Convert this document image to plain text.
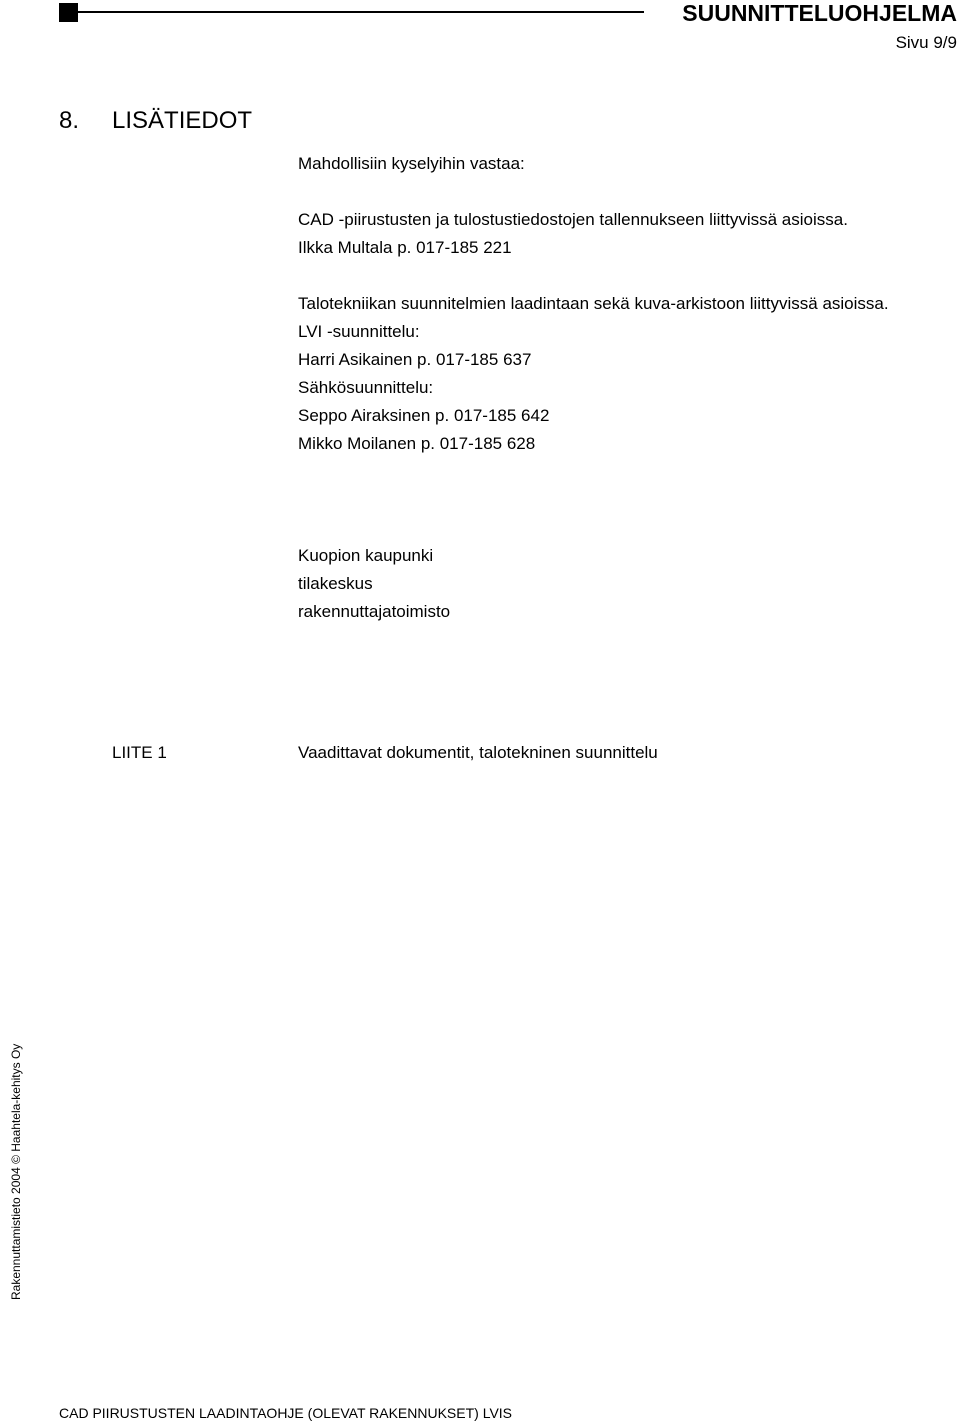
SUUNNITTELUOHJELMA
Sivu 9/9
8. LISÄTIEDOT
Mahdollisiin kyselyihin vastaa:
CAD -piirustusten ja tulostustiedostojen tallennukseen liittyvissä asioissa.
Ilkka Multala p. 017-185 221
Talotekniikan suunnitelmien laadintaan sekä kuva-arkistoon liittyvissä asioissa.
LVI -suunnittelu:
Harri Asikainen p. 017-185 637
Sähkösuunnittelu:
Seppo Airaksinen p. 017-185 642
Mikko Moilanen p. 017-185 628
Kuopion kaupunki
tilakeskus
rakennuttajatoimisto
LIITE 1	Vaadittavat dokumentit, talotekninen suunnittelu
Rakennuttamistieto 2004 © Haahtela-kehitys Oy
CAD PIIRUSTUSTEN LAADINTAOHJE (OLEVAT RAKENNUKSET) LVIS
